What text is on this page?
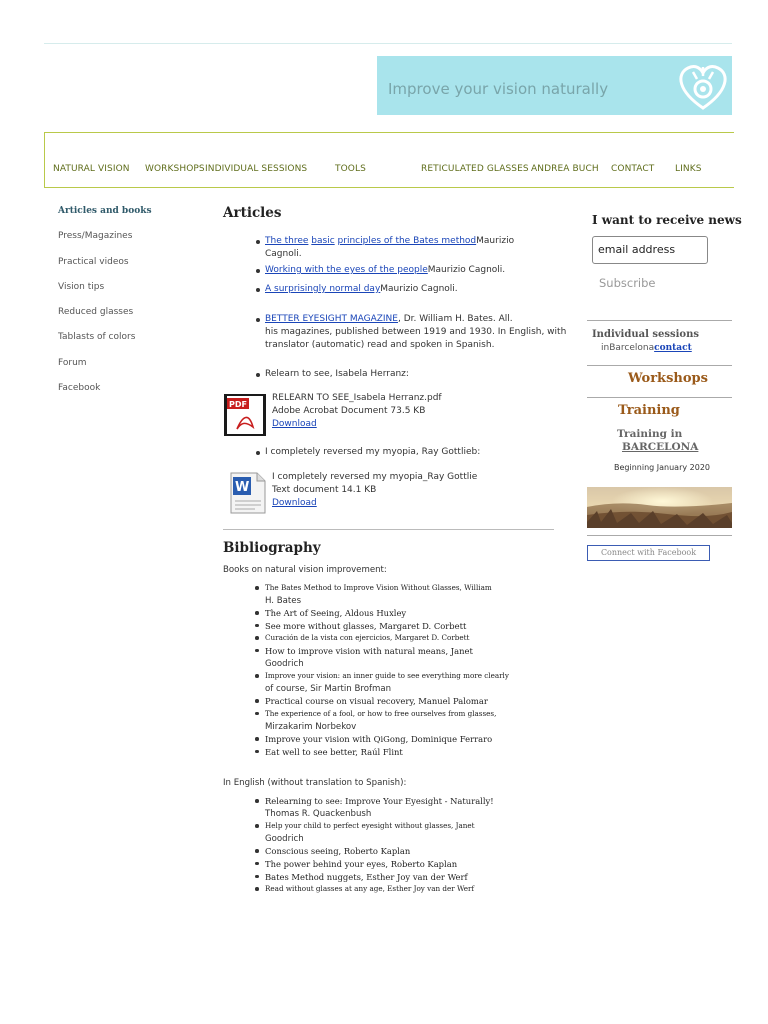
Improve your vision naturally
NATURAL VISION WORKSHOPS INDIVIDUAL SESSIONS	TOOLS	RETICULATED GLASSES ANDREA BUCH CONTACT LINKS
Articles and books
Press/Magazines
Practical videos
Vision tips
Reduced glasses
Tablasts of colors
Forum
Facebook
Articles
The three basic principles of the Bates methodMaurizio
Cagnoli.
Working with the eyes of the peopleMaurizio Cagnoli.
A surprisingly normal dayMaurizio Cagnoli.
BETTER EYESIGHT MAGAZINE, Dr. William H. Bates. All.
his magazines, published between 1919 and 1930. In English, with
translator (automatic) read and spoken in Spanish.
Relearn to see, Isabela Herranz:
PDF
RELEARN TO SEE_Isabela Herranz.pdf
Adobe Acrobat Document 73.5 KB
Download
I completely reversed my myopia, Ray Gottlieb:
W
I completely reversed my myopia_Ray Gottlie
Text document 14.1 KB
Download
Bibliography
Books on natural vision improvement:
The Bates Method to Improve Vision Without Glasses, William
H. Bates
The Art of Seeing, Aldous Huxley
See more without glasses, Margaret D. Corbett
Curación de la vista con ejercicios, Margaret D. Corbett
How to improve vision with natural means, Janet
Goodrich
Improve your vision: an inner guide to see everything more clearly
of course, Sir Martin Brofman
Practical course on visual recovery, Manuel Palomar
The experience of a fool, or how to free ourselves from glasses,
Mirzakarim Norbekov
Improve your vision with QiGong, Dominique Ferraro
Eat well to see better, Raúl Flint
In English (without translation to Spanish):
Relearning to see: Improve Your Eyesight - Naturally!
Thomas R. Quackenbush
Help your child to perfect eyesight without glasses, Janet
Goodrich
Conscious seeing, Roberto Kaplan
The power behind your eyes, Roberto Kaplan
Bates Method nuggets, Esther Joy van der Werf
Read without glasses at any age, Esther Joy van der Werf
I want to receive news
email address
Subscribe
Individual sessions
inBarcelonacontact
Workshops
Training
Training in
BARCELONA
Beginning January 2020
Connect with Facebook
